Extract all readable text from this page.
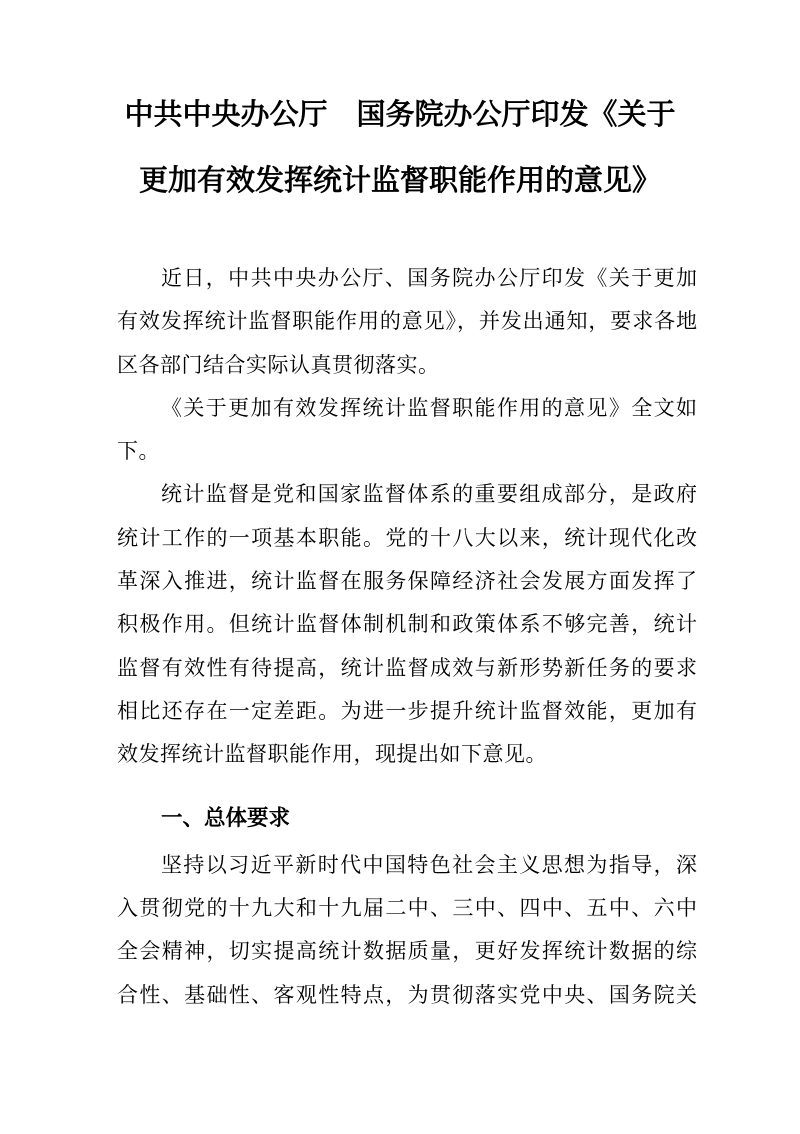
中共中央办公厅　国务院办公厅印发《关于
更加有效发挥统计监督职能作用的意见》
近日，中共中央办公厅、国务院办公厅印发《关于更加
有效发挥统计监督职能作用的意见》，并发出通知，要求各地
区各部门结合实际认真贯彻落实。
《关于更加有效发挥统计监督职能作用的意见》全文如
下。
统计监督是党和国家监督体系的重要组成部分，是政府
统计工作的一项基本职能。党的十八大以来，统计现代化改
革深入推进，统计监督在服务保障经济社会发展方面发挥了
积极作用。但统计监督体制机制和政策体系不够完善，统计
监督有效性有待提高，统计监督成效与新形势新任务的要求
相比还存在一定差距。为进一步提升统计监督效能，更加有
效发挥统计监督职能作用，现提出如下意见。
一、总体要求
坚持以习近平新时代中国特色社会主义思想为指导，深
入贯彻党的十九大和十九届二中、三中、四中、五中、六中
全会精神，切实提高统计数据质量，更好发挥统计数据的综
合性、基础性、客观性特点，为贯彻落实党中央、国务院关
